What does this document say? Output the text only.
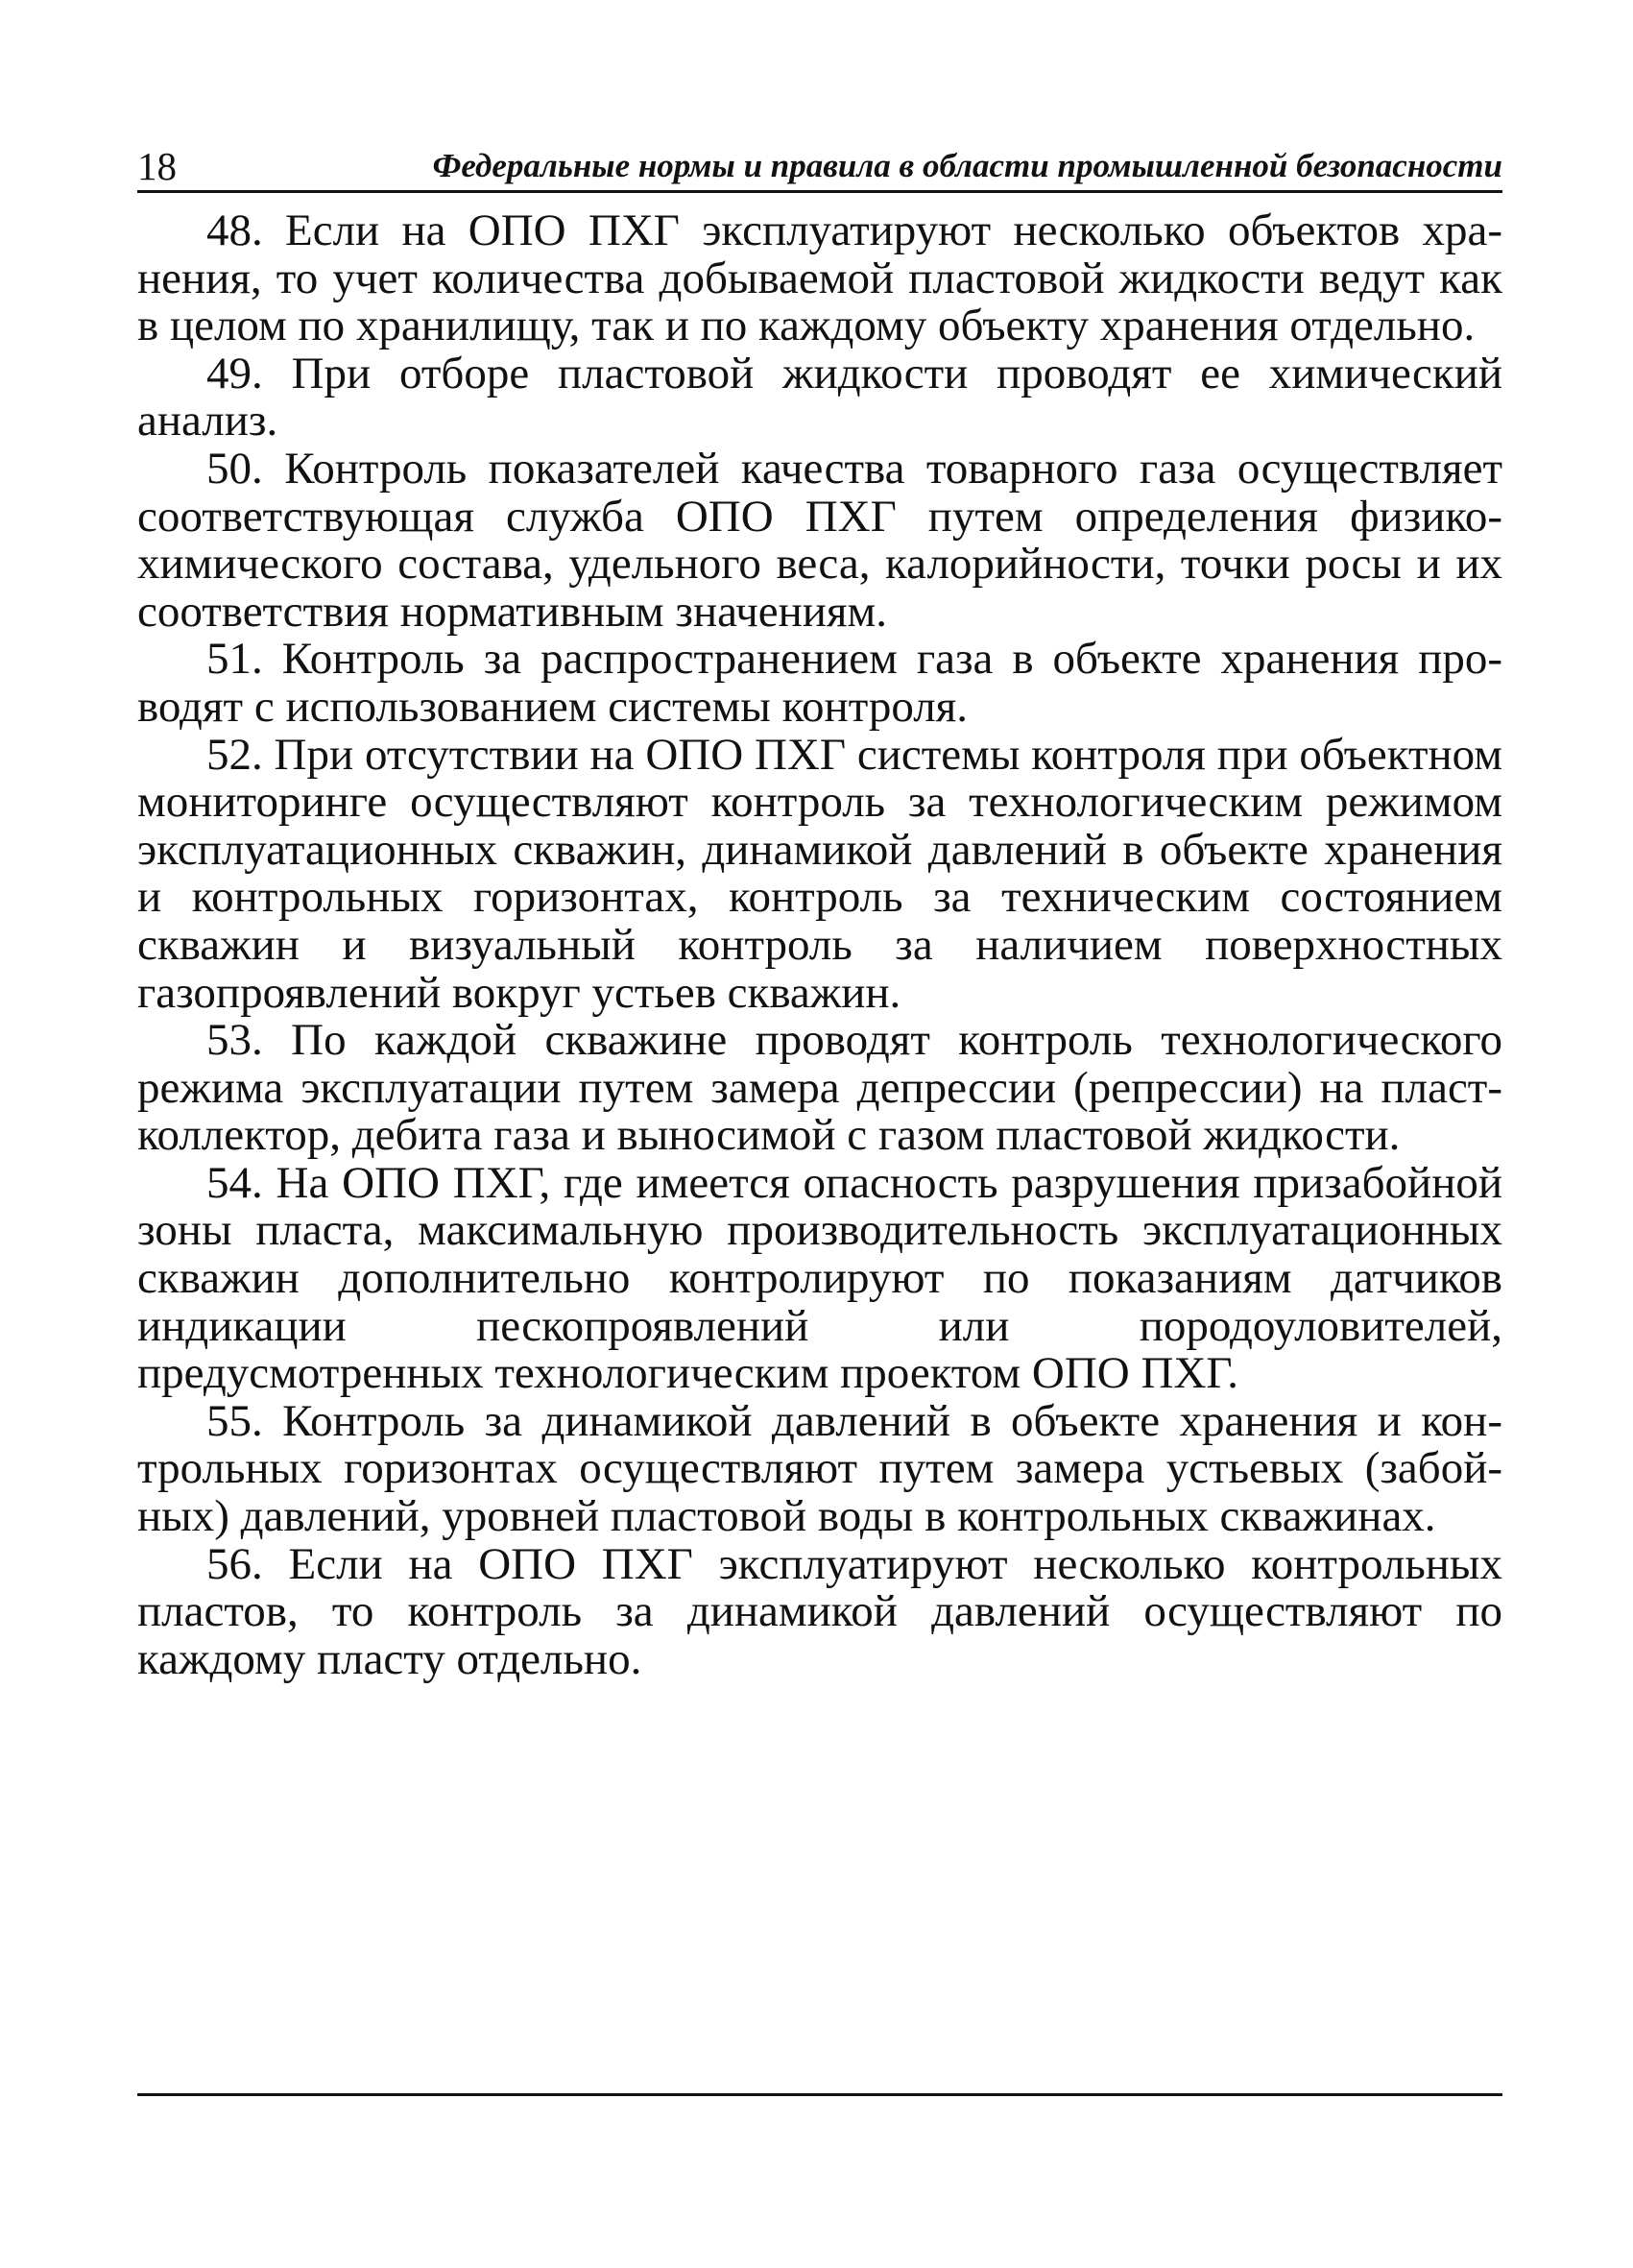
18	Федеральные нормы и правила в области промышленной безопасности

48. Если на ОПО ПХГ эксплуатируют несколько объектов хранения, то учет количества добываемой пластовой жидкости ведут как в целом по хранилищу, так и по каждому объекту хранения отдельно.

49. При отборе пластовой жидкости проводят ее химический анализ.

50. Контроль показателей качества товарного газа осуществляет соответствующая служба ОПО ПХГ путем определения физико-химического состава, удельного веса, калорийности, точки росы и их соответствия нормативным значениям.

51. Контроль за распространением газа в объекте хранения проводят с использованием системы контроля.

52. При отсутствии на ОПО ПХГ системы контроля при объектном мониторинге осуществляют контроль за технологическим режимом эксплуатационных скважин, динамикой давлений в объекте хранения и контрольных горизонтах, контроль за техническим состоянием скважин и визуальный контроль за наличием поверхностных газопроявлений вокруг устьев скважин.

53. По каждой скважине проводят контроль технологического режима эксплуатации путем замера депрессии (репрессии) на пласт-коллектор, дебита газа и выносимой с газом пластовой жидкости.

54. На ОПО ПХГ, где имеется опасность разрушения призабойной зоны пласта, максимальную производительность эксплуатационных скважин дополнительно контролируют по показаниям датчиков индикации пескопроявлений или породоуловителей, предусмотренных технологическим проектом ОПО ПХГ.

55. Контроль за динамикой давлений в объекте хранения и контрольных горизонтах осуществляют путем замера устьевых (забойных) давлений, уровней пластовой воды в контрольных скважинах.

56. Если на ОПО ПХГ эксплуатируют несколько контрольных пластов, то контроль за динамикой давлений осуществляют по каждому пласту отдельно.
